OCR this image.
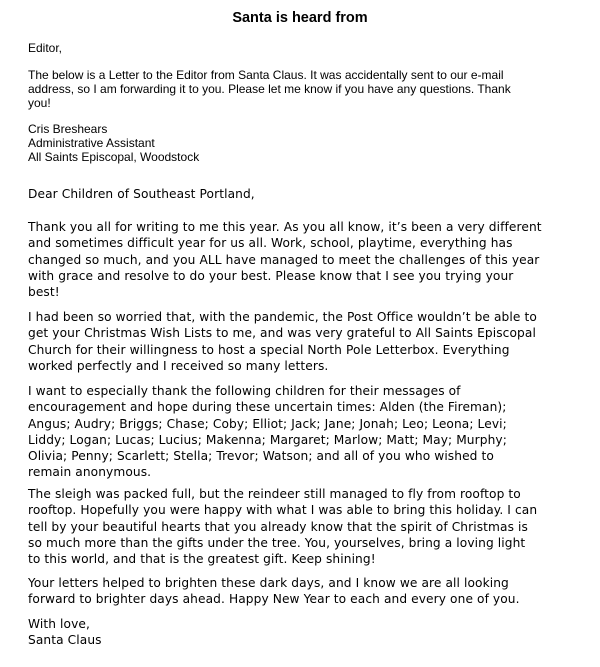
Santa is heard from

Editor,

The below is a Letter to the Editor from Santa Claus. It was accidentally sent to our e-mail
address, so I am forwarding it to you. Please let me know if you have any questions. Thank
you!
Cris Breshears
Administrative Assistant
All Saints Episcopal, Woodstock
Dear Children of Southeast Portland,
Thank you all for writing to me this year. As you all know, it’s been a very different
and sometimes difficult year for us all. Work, school, playtime, everything has
changed so much, and you ALL have managed to meet the challenges of this year
with grace and resolve to do your best. Please know that I see you trying your
best!
I had been so worried that, with the pandemic, the Post Office wouldn’t be able to
get your Christmas Wish Lists to me, and was very grateful to All Saints Episcopal
Church for their willingness to host a special North Pole Letterbox. Everything
worked perfectly and I received so many letters.
I want to especially thank the following children for their messages of
encouragement and hope during these uncertain times: Alden (the Fireman);
Angus; Audry; Briggs; Chase; Coby; Elliot; Jack; Jane; Jonah; Leo; Leona; Levi;
Liddy; Logan; Lucas; Lucius; Makenna; Margaret; Marlow; Matt; May; Murphy;
Olivia; Penny; Scarlett; Stella; Trevor; Watson; and all of you who wished to
remain anonymous.
The sleigh was packed full, but the reindeer still managed to fly from rooftop to
rooftop. Hopefully you were happy with what I was able to bring this holiday. I can
tell by your beautiful hearts that you already know that the spirit of Christmas is
so much more than the gifts under the tree. You, yourselves, bring a loving light
to this world, and that is the greatest gift. Keep shining!
Your letters helped to brighten these dark days, and I know we are all looking
forward to brighter days ahead. Happy New Year to each and every one of you.
With love,
Santa Claus
